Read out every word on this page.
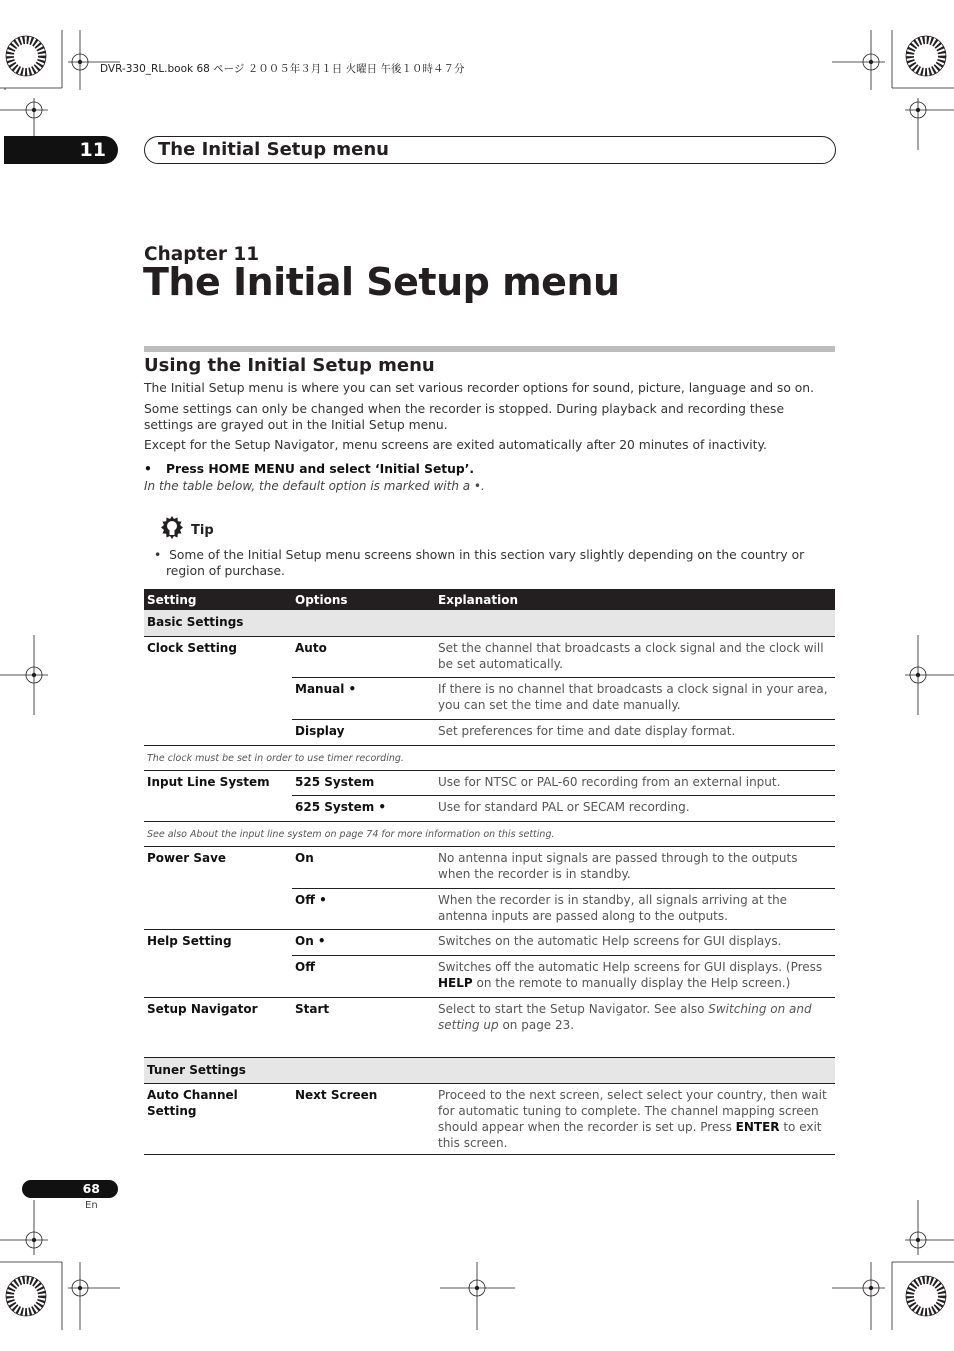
DVR-330_RL.book 68 ページ ２００５年３月１日 火曜日 午後１０時４７分
11	The Initial Setup menu
Chapter 11
The Initial Setup menu
Using the Initial Setup menu

The Initial Setup menu is where you can set various recorder options for sound, picture, language and so on.

Some settings can only be changed when the recorder is stopped. During playback and recording these settings are grayed out in the Initial Setup menu.

Except for the Setup Navigator, menu screens are exited automatically after 20 minutes of inactivity.

• Press HOME MENU and select ‘Initial Setup’.
In the table below, the default option is marked with a •.
Tip
• Some of the Initial Setup menu screens shown in this section vary slightly depending on the country or region of purchase.
Setting	Options	Explanation
Basic Settings		
Clock Setting	Auto	Set the channel that broadcasts a clock signal and the clock will be set automatically.
	Manual •	If there is no channel that broadcasts a clock signal in your area, you can set the time and date manually.
	Display	Set preferences for time and date display format.
The clock must be set in order to use timer recording.		
Input Line System	525 System	Use for NTSC or PAL-60 recording from an external input.
	625 System •	Use for standard PAL or SECAM recording.
See also About the input line system on page 74 for more information on this setting.		
Power Save	On	No antenna input signals are passed through to the outputs when the recorder is in standby.
	Off •	When the recorder is in standby, all signals arriving at the antenna inputs are passed along to the outputs.
Help Setting	On •	Switches on the automatic Help screens for GUI displays.
	Off	Switches off the automatic Help screens for GUI displays. (Press HELP on the remote to manually display the Help screen.)
Setup Navigator	Start	Select to start the Setup Navigator. See also Switching on and setting up on page 23.
Tuner Settings		
Auto Channel Setting	Next Screen	Proceed to the next screen, select select your country, then wait for automatic tuning to complete. The channel mapping screen should appear when the recorder is set up. Press ENTER to exit this screen.
68
En
